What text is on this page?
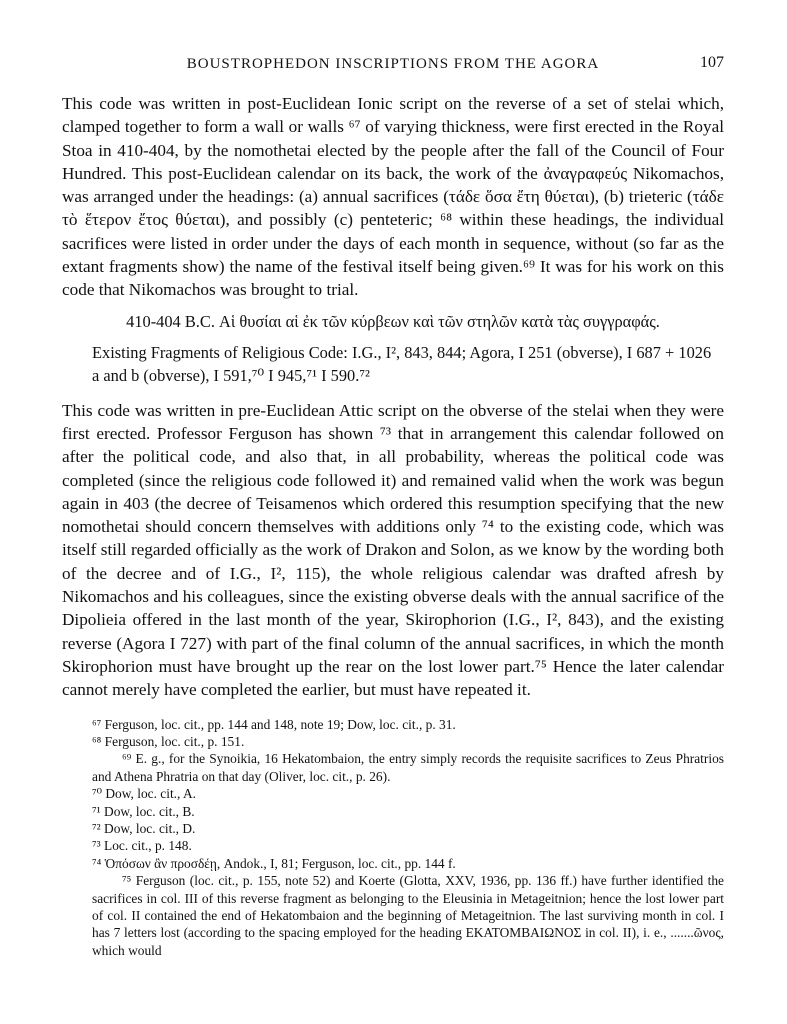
BOUSTROPHEDON INSCRIPTIONS FROM THE AGORA	107

This code was written in post-Euclidean Ionic script on the reverse of a set of stelai which, clamped together to form a wall or walls ⁶⁷ of varying thickness, were first erected in the Royal Stoa in 410-404, by the nomothetai elected by the people after the fall of the Council of Four Hundred. This post-Euclidean calendar on its back, the work of the ἀναγραφεύς Nikomachos, was arranged under the headings: (a) annual sacrifices (τάδε ὅσα ἔτη θύεται), (b) trieteric (τάδε τὸ ἕτερον ἔτος θύεται), and possibly (c) penteteric; ⁶⁸ within these headings, the individual sacrifices were listed in order under the days of each month in sequence, without (so far as the extant fragments show) the name of the festival itself being given.⁶⁹ It was for his work on this code that Nikomachos was brought to trial.

410-404 B.C. Αἱ θυσίαι αἱ ἐκ τῶν κύρβεων καὶ τῶν στηλῶν κατὰ τὰς συγγραφάς.

Existing Fragments of Religious Code: I.G., I², 843, 844; Agora, I 251 (obverse), I 687 + 1026 a and b (obverse), I 591,⁷⁰ I 945,⁷¹ I 590.⁷²

This code was written in pre-Euclidean Attic script on the obverse of the stelai when they were first erected. Professor Ferguson has shown ⁷³ that in arrangement this calendar followed on after the political code, and also that, in all probability, whereas the political code was completed (since the religious code followed it) and remained valid when the work was begun again in 403 (the decree of Teisamenos which ordered this resumption specifying that the new nomothetai should concern themselves with additions only ⁷⁴ to the existing code, which was itself still regarded officially as the work of Drakon and Solon, as we know by the wording both of the decree and of I.G., I², 115), the whole religious calendar was drafted afresh by Nikomachos and his colleagues, since the existing obverse deals with the annual sacrifice of the Dipolieia offered in the last month of the year, Skirophorion (I.G., I², 843), and the existing reverse (Agora I 727) with part of the final column of the annual sacrifices, in which the month Skirophorion must have brought up the rear on the lost lower part.⁷⁵ Hence the later calendar cannot merely have completed the earlier, but must have repeated it.

⁶⁷ Ferguson, loc. cit., pp. 144 and 148, note 19; Dow, loc. cit., p. 31.

⁶⁸ Ferguson, loc. cit., p. 151.

⁶⁹ E. g., for the Synoikia, 16 Hekatombaion, the entry simply records the requisite sacrifices to Zeus Phratrios and Athena Phratria on that day (Oliver, loc. cit., p. 26).

⁷⁰ Dow, loc. cit., A.

⁷¹ Dow, loc. cit., B.

⁷² Dow, loc. cit., D.

⁷³ Loc. cit., p. 148.

⁷⁴ Ὁπόσων ἂν προσδέῃ, Andok., I, 81; Ferguson, loc. cit., pp. 144 f.

⁷⁵ Ferguson (loc. cit., p. 155, note 52) and Koerte (Glotta, XXV, 1936, pp. 136 ff.) have further identified the sacrifices in col. III of this reverse fragment as belonging to the Eleusinia in Metageitnion; hence the lost lower part of col. II contained the end of Hekatombaion and the beginning of Metageitnion. The last surviving month in col. I has 7 letters lost (according to the spacing employed for the heading ΕΚΑΤΟΜΒΑΙΩΝΟΣ in col. II), i. e., .......ῶνος, which would
